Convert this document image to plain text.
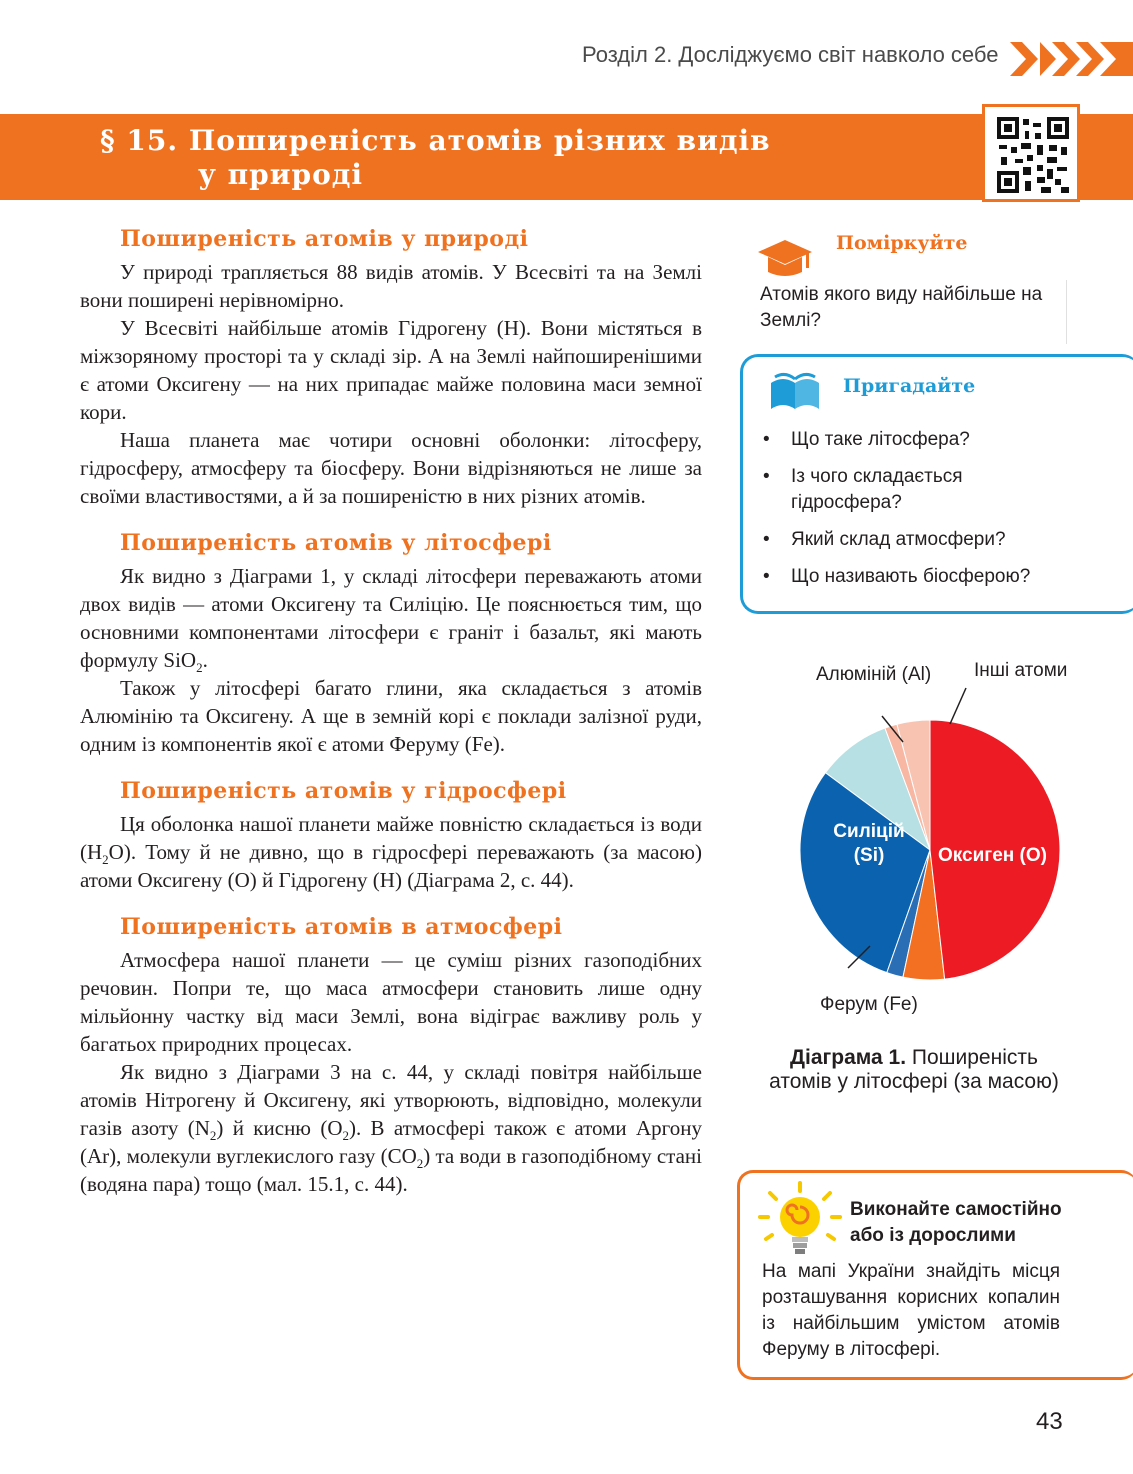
Розділ 2. Досліджуємо світ навколо себе
§ 15. Поширеність атомів різних видів
у природі
Поширеність атомів у природі

У природі трапляється 88 видів атомів. У Всесвіті та на Землі вони поширені нерівномірно.

У Всесвіті найбільше атомів Гідрогену (H). Вони містяться в міжзоряному просторі та у складі зір. А на Землі найпоширенішими є атоми Оксигену — на них припадає майже половина маси земної кори.

Наша планета має чотири основні оболонки: літосферу, гідросферу, атмосферу та біосферу. Вони відрізняються не лише за своїми властивостями, а й за поширеністю в них різних атомів.

Поширеність атомів у літосфері

Як видно з Діаграми 1, у складі літосфери переважають атоми двох видів — атоми Оксигену та Силіцію. Це пояснюється тим, що основними компонентами літосфери є граніт і базальт, які мають формулу SiO$_2$.

Також у літосфері багато глини, яка складається з атомів Алюмінію та Оксигену. А ще в земній корі є поклади залізної руди, одним із компонентів якої є атоми Феруму (Fe).

Поширеність атомів у гідросфері

Ця оболонка нашої планети майже повністю складається із води $(H_2O)$. Тому й не дивно, що в гідросфері переважають (за масою) атоми Оксигену (O) й Гідрогену (H) (Діаграма 2, с. 44).

Поширеність атомів в атмосфері

Атмосфера нашої планети — це суміш різних газоподібних речовин. Попри те, що маса атмосфери становить лише одну мільйонну частку від маси Землі, вона відіграє важливу роль у багатьох природних процесах.

Як видно з Діаграми 3 на с. 44, у складі повітря найбільше атомів Нітрогену й Оксигену, які утворюють, відповідно, молекули газів азоту $(N_2)$ й кисню $(O_2)$. В атмосфері також є атоми Аргону (Ar), молекули вуглекислого газу $(CO_2)$ та води в газоподібному стані (водяна пара) тощо (мал. 15.1, с. 44).

Поміркуйте
Атомів якого виду найбільше на Землі?
Пригадайте
• Що таке літосфера?
• Із чого складається гідросфера?
• Який склад атмосфери?
• Що називають біосферою?
Алюміній (Al) Інші атоми
Силіцій
(Si)	Оксиген (O)
Ферум (Fe)
Діаграма 1. Поширеність атомів у літосфері (за масою)
Виконайте самостійно або із дорослими
На мапі України знайдіть місця розташування корисних копалин із найбільшим умістом атомів Феруму в літосфері.
43
